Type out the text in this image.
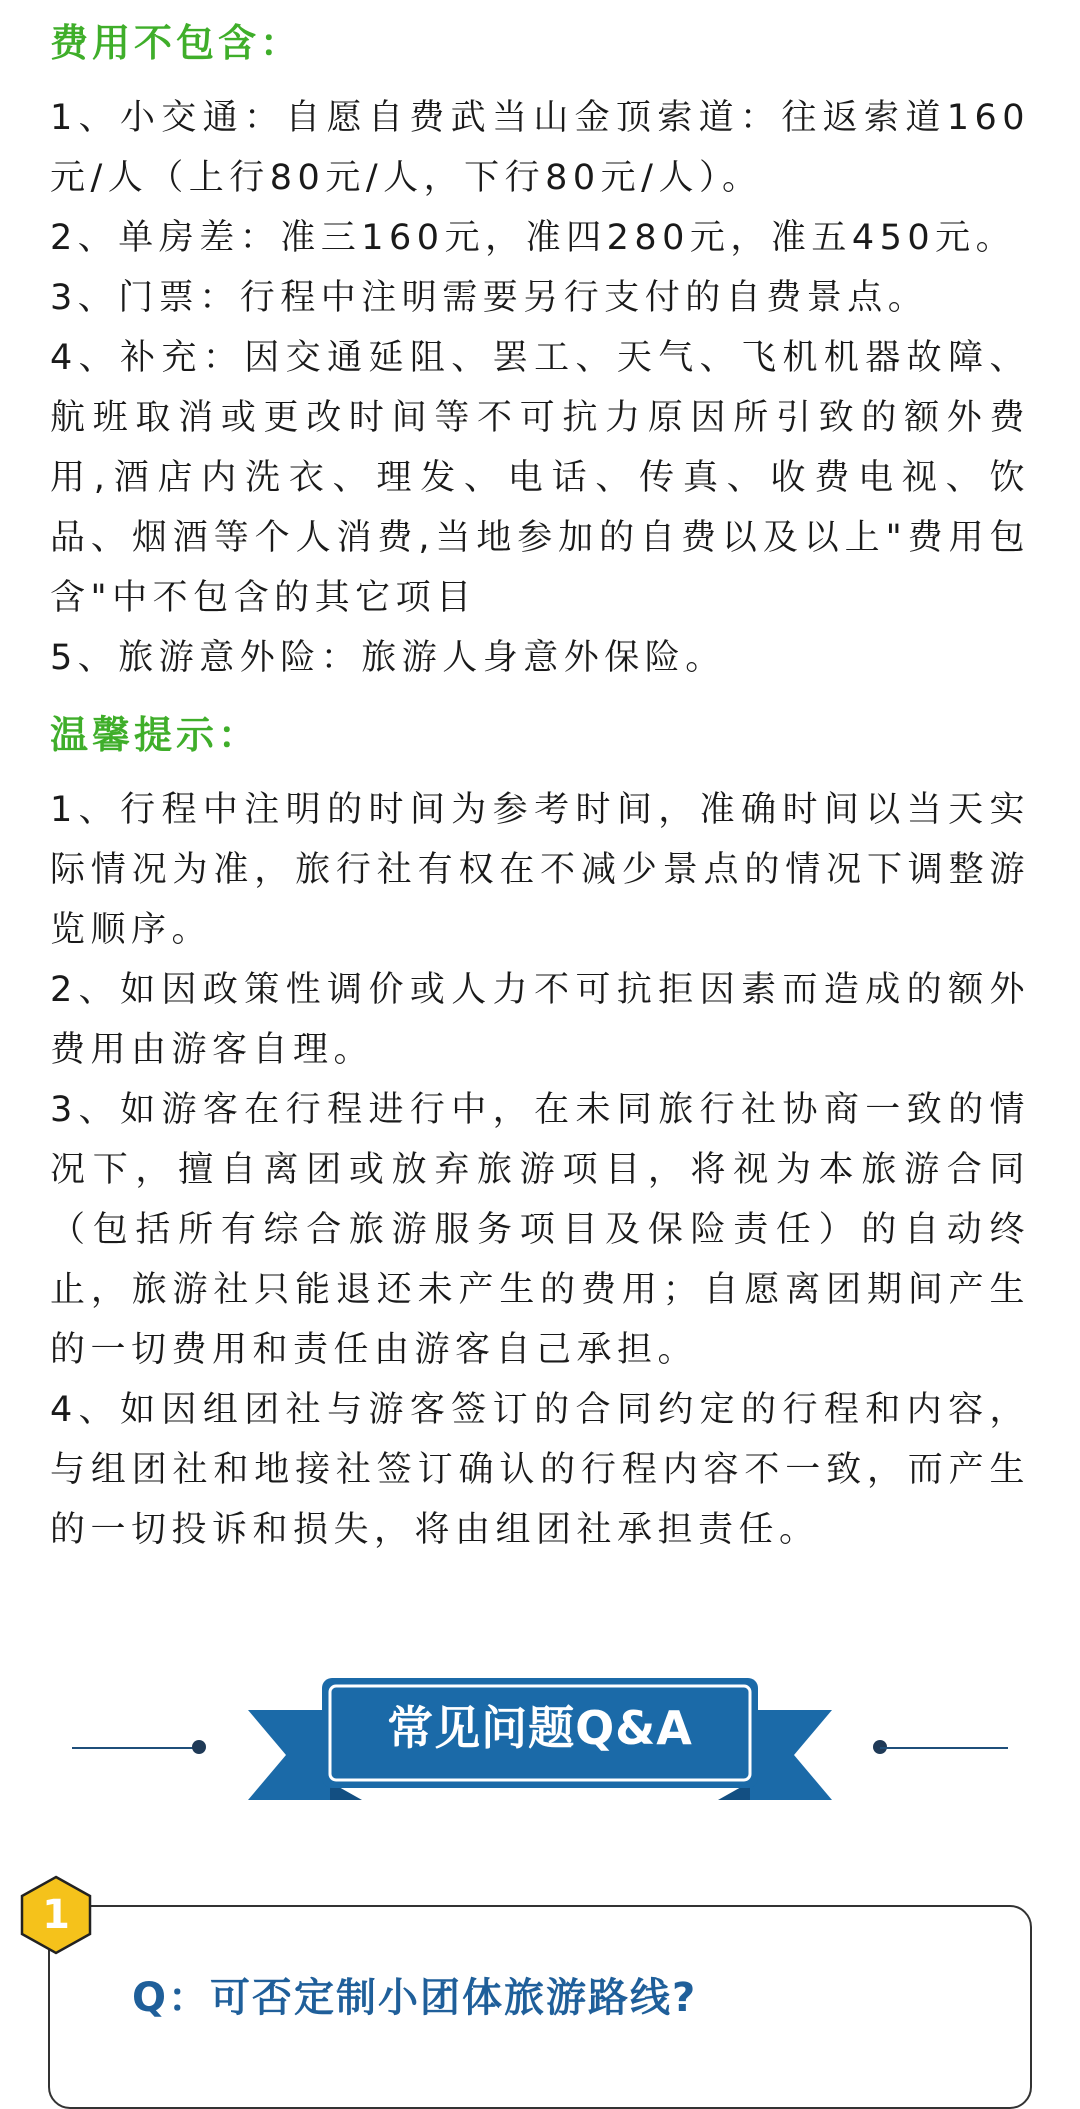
费用不包含：

1、小交通：自愿自费武当山金顶索道：往返索道160元/人（上行80元/人，下行80元/人）。

2、单房差：准三160元，准四280元，准五450元。

3、门票：行程中注明需要另行支付的自费景点。

4、补充：因交通延阻、罢工、天气、飞机机器故障、航班取消或更改时间等不可抗力原因所引致的额外费用,酒店内洗衣、理发、电话、传真、收费电视、饮品、烟酒等个人消费,当地参加的自费以及以上"费用包含"中不包含的其它项目

5、旅游意外险：旅游人身意外保险。

温馨提示：

1、行程中注明的时间为参考时间，准确时间以当天实际情况为准，旅行社有权在不减少景点的情况下调整游览顺序。

2、如因政策性调价或人力不可抗拒因素而造成的额外费用由游客自理。

3、如游客在行程进行中，在未同旅行社协商一致的情况下，擅自离团或放弃旅游项目，将视为本旅游合同（包括所有综合旅游服务项目及保险责任）的自动终止，旅游社只能退还未产生的费用；自愿离团期间产生的一切费用和责任由游客自己承担。

4、如因组团社与游客签订的合同约定的行程和内容，与组团社和地接社签订确认的行程内容不一致，而产生的一切投诉和损失，将由组团社承担责任。

常见问题Q&A
1
Q：可否定制小团体旅游路线?
